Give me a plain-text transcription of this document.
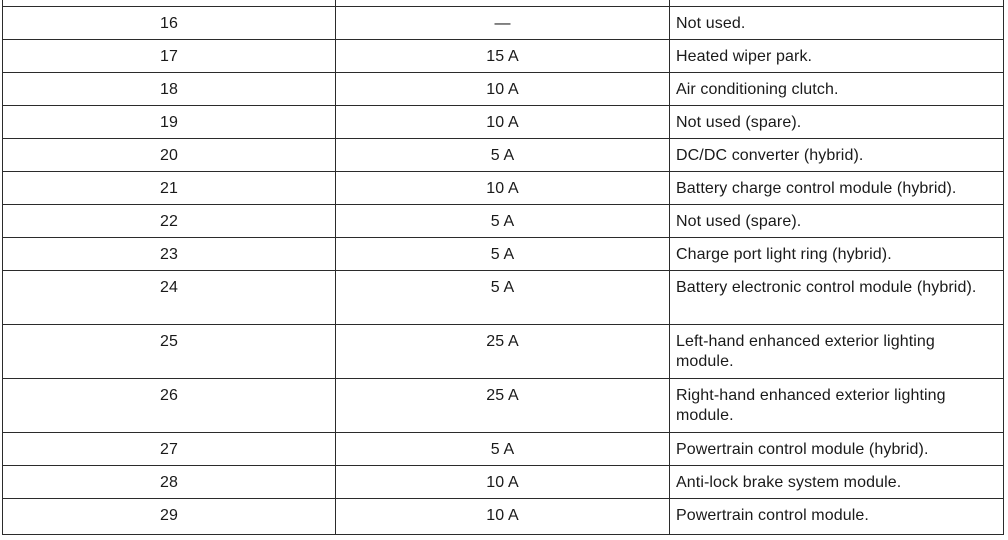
16	—	Not used.
17	15 A	Heated wiper park.
18	10 A	Air conditioning clutch.
19	10 A	Not used (spare).
20	5 A	DC/DC converter (hybrid).
21	10 A	Battery charge control module (hybrid).
22	5 A	Not used (spare).
23	5 A	Charge port light ring (hybrid).
24	5 A	Battery electronic control module (hybrid).
25	25 A	Left-hand enhanced exterior lighting module.
26	25 A	Right-hand enhanced exterior lighting module.
27	5 A	Powertrain control module (hybrid).
28	10 A	Anti-lock brake system module.
29	10 A	Powertrain control module.
